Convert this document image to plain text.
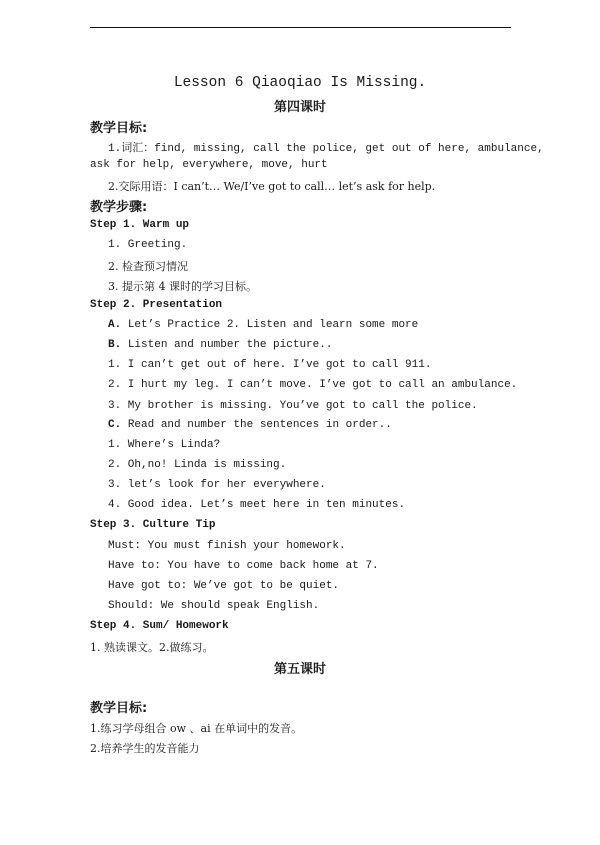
Lesson 6 Qiaoqiao Is Missing.
第四课时
教学目标:
1.词汇：find, missing, call the police, get out of here, ambulance,
ask for help, everywhere, move, hurt
2.交际用语：I can’t… We/I’ve got to call… let’s ask for help.
教学步骤:
Step 1. Warm up
1. Greeting.
2. 检查预习情况
3. 提示第 4 课时的学习目标。
Step 2. Presentation
A. Let’s Practice 2. Listen and learn some more
B. Listen and number the picture..
1. I can’t get out of here. I’ve got to call 911.
2. I hurt my leg. I can’t move. I’ve got to call an ambulance.
3. My brother is missing. You’ve got to call the police.
C. Read and number the sentences in order..
1. Where’s Linda?
2. Oh,no! Linda is missing.
3. let’s look for her everywhere.
4. Good idea. Let’s meet here in ten minutes.
Step 3. Culture Tip
Must: You must finish your homework.
Have to: You have to come back home at 7.
Have got to: We’ve got to be quiet.
Should: We should speak English.
Step 4. Sum/ Homework
1. 熟读课文。2.做练习。
第五课时
教学目标:
1.练习学母组合 ow 、ai 在单词中的发音。
2.培养学生的发音能力
